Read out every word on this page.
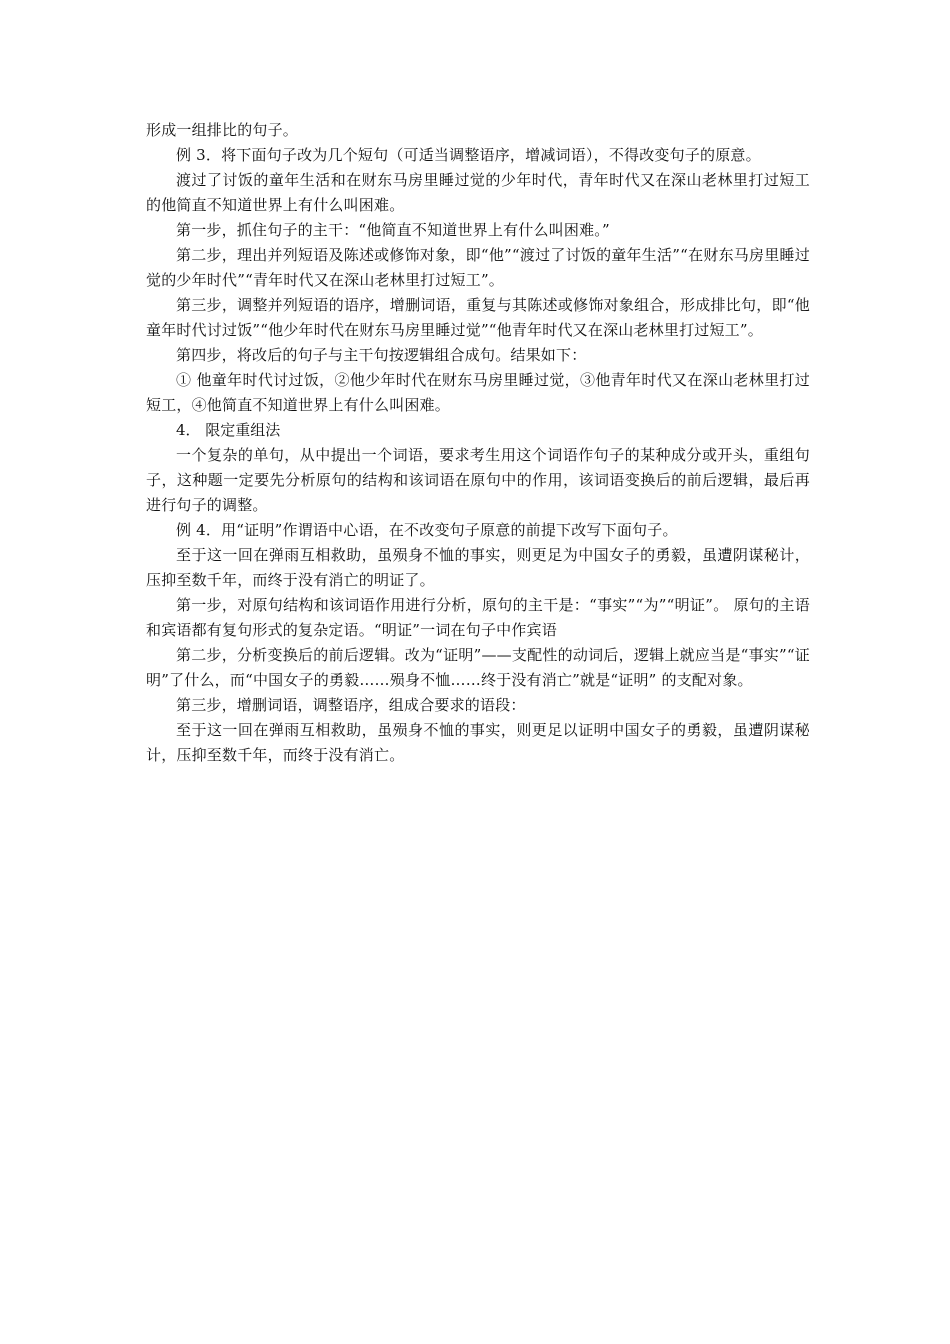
形成一组排比的句子。

例 3．将下面句子改为几个短句（可适当调整语序，增减词语），不得改变句子的原意。

渡过了讨饭的童年生活和在财东马房里睡过觉的少年时代，青年时代又在深山老林里打过短工的他简直不知道世界上有什么叫困难。

第一步，抓住句子的主干：“他简直不知道世界上有什么叫困难。”

第二步，理出并列短语及陈述或修饰对象，即“他”“渡过了讨饭的童年生活”“在财东马房里睡过觉的少年时代”“青年时代又在深山老林里打过短工”。

第三步，调整并列短语的语序，增删词语，重复与其陈述或修饰对象组合，形成排比句，即“他童年时代讨过饭”“他少年时代在财东马房里睡过觉”“他青年时代又在深山老林里打过短工”。

第四步，将改后的句子与主干句按逻辑组合成句。结果如下：

① 他童年时代讨过饭，②他少年时代在财东马房里睡过觉，③他青年时代又在深山老林里打过短工，④他简直不知道世界上有什么叫困难。

4． 限定重组法

一个复杂的单句，从中提出一个词语，要求考生用这个词语作句子的某种成分或开头，重组句子，这种题一定要先分析原句的结构和该词语在原句中的作用，该词语变换后的前后逻辑，最后再进行句子的调整。

例 4．用“证明”作谓语中心语，在不改变句子原意的前提下改写下面句子。

至于这一回在弹雨互相救助，虽殒身不恤的事实，则更足为中国女子的勇毅，虽遭阴谋秘计，压抑至数千年，而终于没有消亡的明证了。

第一步，对原句结构和该词语作用进行分析，原句的主干是：“事实”“为”“明证”。 原句的主语和宾语都有复句形式的复杂定语。“明证”一词在句子中作宾语

第二步，分析变换后的前后逻辑。改为“证明”——支配性的动词后，逻辑上就应当是“事实”“证明”了什么，而“中国女子的勇毅……殒身不恤……终于没有消亡”就是“证明” 的支配对象。

第三步，增删词语，调整语序，组成合要求的语段：

至于这一回在弹雨互相救助，虽殒身不恤的事实，则更足以证明中国女子的勇毅，虽遭阴谋秘计，压抑至数千年，而终于没有消亡。
